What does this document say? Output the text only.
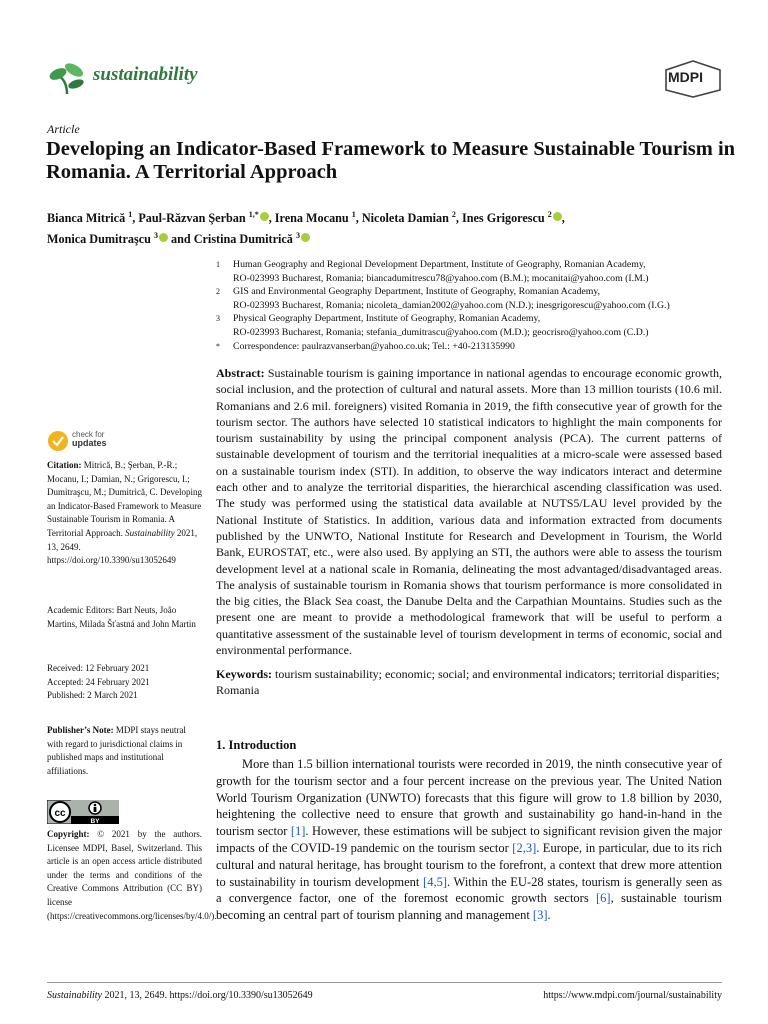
sustainability	MDPI
Article
Developing an Indicator-Based Framework to Measure Sustainable Tourism in Romania. A Territorial Approach
Bianca Mitrică $^1$, Paul-Răzvan Şerban $^{1,*}$ , Irena Mocanu $^1$, Nicoleta Damian $^2$, Ines Grigorescu $^2$ ,
Monica Dumitraşcu $^3$ and Cristina Dumitrică $^3$
1	Human Geography and Regional Development Department, Institute of Geography, Romanian Academy,
RO-023993 Bucharest, Romania; biancadumitrescu78@yahoo.com (B.M.); mocanitai@yahoo.com (I.M.)
2	GIS and Environmental Geography Department, Institute of Geography, Romanian Academy,
RO-023993 Bucharest, Romania; nicoleta_damian2002@yahoo.com (N.D.); inesgrigorescu@yahoo.com (I.G.)
3	Physical Geography Department, Institute of Geography, Romanian Academy,
RO-023993 Bucharest, Romania; stefania_dumitrascu@yahoo.com (M.D.); geocrisro@yahoo.com (C.D.)
*	Correspondence: paulrazvanserban@yahoo.co.uk; Tel.: +40-213135990
Abstract: Sustainable tourism is gaining importance in national agendas to encourage economic growth, social inclusion, and the protection of cultural and natural assets. More than 13 million tourists (10.6 mil. Romanians and 2.6 mil. foreigners) visited Romania in 2019, the fifth consecutive year of growth for the tourism sector. The authors have selected 10 statistical indicators to highlight the main components for tourism sustainability by using the principal component analysis (PCA). The current patterns of sustainable development of tourism and the territorial inequalities at a micro-scale were assessed based on a sustainable tourism index (STI). In addition, to observe the way indicators interact and determine each other and to analyze the territorial disparities, the hierarchical ascending classification was used. The study was performed using the statistical data available at NUTS5/LAU level provided by the National Institute of Statistics. In addition, various data and information extracted from documents published by the UNWTO, National Institute for Research and Development in Tourism, the World Bank, EUROSTAT, etc., were also used. By applying an STI, the authors were able to assess the tourism development level at a national scale in Romania, delineating the most advantaged/disadvantaged areas. The analysis of sustainable tourism in Romania shows that tourism performance is more consolidated in the big cities, the Black Sea coast, the Danube Delta and the Carpathian Mountains. Studies such as the present one are meant to provide a methodological framework that will be useful to perform a quantitative assessment of the sustainable level of tourism development in terms of economic, social and environmental performance.
Keywords: tourism sustainability; economic; social; and environmental indicators; territorial disparities; Romania
check for
updates
Citation: Mitrică, B.; Şerban, P.-R.; Mocanu, I.; Damian, N.; Grigorescu, I.; Dumitraşcu, M.; Dumitrică, C. Developing an Indicator-Based Framework to Measure Sustainable Tourism in Romania. A Territorial Approach. Sustainability 2021, 13, 2649. https://doi.org/10.3390/su13052649
Academic Editors: Bart Neuts, João Martins, Milada Šťastná and John Martin
Received: 12 February 2021
Accepted: 24 February 2021
Published: 2 March 2021
Publisher’s Note: MDPI stays neutral with regard to jurisdictional claims in published maps and institutional affiliations.
cc
BY
Copyright: © 2021 by the authors. Licensee MDPI, Basel, Switzerland. This article is an open access article distributed under the terms and conditions of the Creative Commons Attribution (CC BY) license (https://creativecommons.org/licenses/by/4.0/).
1. Introduction
More than 1.5 billion international tourists were recorded in 2019, the ninth consecutive year of growth for the tourism sector and a four percent increase on the previous year. The United Nation World Tourism Organization (UNWTO) forecasts that this figure will grow to 1.8 billion by 2030, heightening the collective need to ensure that growth and sustainability go hand-in-hand in the tourism sector [1]. However, these estimations will be subject to significant revision given the major impacts of the COVID-19 pandemic on the tourism sector [2,3]. Europe, in particular, due to its rich cultural and natural heritage, has brought tourism to the forefront, a context that drew more attention to sustainability in tourism development [4,5]. Within the EU-28 states, tourism is generally seen as a convergence factor, one of the foremost economic growth sectors [6], sustainable tourism becoming an central part of tourism planning and management [3].
Sustainability 2021, 13, 2649. https://doi.org/10.3390/su13052649	https://www.mdpi.com/journal/sustainability
